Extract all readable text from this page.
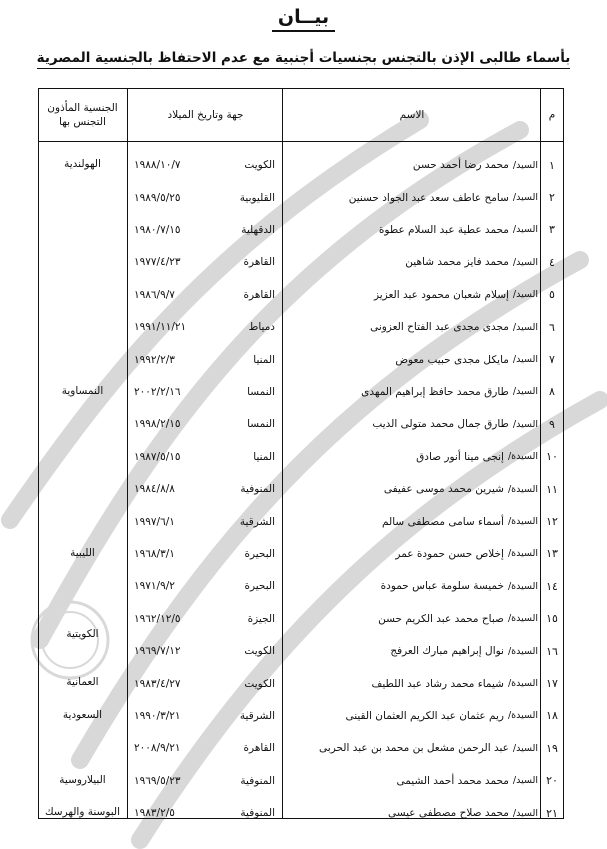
بيــان
بأسماء طالبى الإذن بالتجنس بجنسيات أجنبية مع عدم الاحتفاظ بالجنسية المصرية
م
الاسم
جهة وتاريخ الميلاد
الجنسية المأذون التجنس بها
١
السيد/
محمد رضا أحمد حسن
الكويت
١٩٨٨/١٠/٧
٢
السيد/
سامح عاطف سعد عبد الجواد حسنين
القليوبية
١٩٨٩/٥/٢٥
٣
السيد/
محمد عطية عبد السلام عطوة
الدقهلية
١٩٨٠/٧/١٥
٤
السيد/
محمد فايز محمد شاهين
القاهرة
١٩٧٧/٤/٢٣
٥
السيد/
إسلام شعبان محمود عبد العزيز
القاهرة
١٩٨٦/٩/٧
٦
السيد/
مجدى مجدى عبد الفتاح العزونى
دمياط
١٩٩١/١١/٢١
٧
السيد/
مايكل مجدى حبيب معوض
المنيا
١٩٩٢/٢/٣
٨
السيد/
طارق محمد حافظ إبراهيم المهدى
النمسا
٢٠٠٢/٢/١٦
٩
السيد/
طارق جمال محمد متولى الديب
النمسا
١٩٩٨/٢/١٥
١٠
السيدة/
إنجى مينا أنور صادق
المنيا
١٩٨٧/٥/١٥
١١
السيدة/
شيرين محمد موسى عفيفى
المنوفية
١٩٨٤/٨/٨
١٢
السيدة/
أسماء سامى مصطفى سالم
الشرقية
١٩٩٧/٦/١
١٣
السيدة/
إخلاص حسن حمودة عمر
البحيرة
١٩٦٨/٣/١
١٤
السيدة/
خميسة سلومة عباس حمودة
البحيرة
١٩٧١/٩/٢
١٥
السيدة/
صباح محمد عبد الكريم حسن
الجيزة
١٩٦٢/١٢/٥
١٦
السيدة/
نوال إبراهيم مبارك العرفج
الكويت
١٩٦٩/٧/١٢
١٧
السيدة/
شيماء محمد رشاد عبد اللطيف
الكويت
١٩٨٣/٤/٢٧
١٨
السيدة/
ريم عثمان عبد الكريم العثمان القينى
الشرقية
١٩٩٠/٣/٢١
١٩
السيد/
عبد الرحمن مشعل بن محمد بن عبد الحربى
القاهرة
٢٠٠٨/٩/٢١
٢٠
السيد/
محمد محمد أحمد الشيمى
المنوفية
١٩٦٩/٥/٢٣
٢١
السيد/
محمد صلاح مصطفى عيسى
المنوفية
١٩٨٣/٢/٥
الهولندية
النمساوية
الليبية
الكويتية
العمانية
السعودية
البيلاروسية
البوسنة والهرسك
